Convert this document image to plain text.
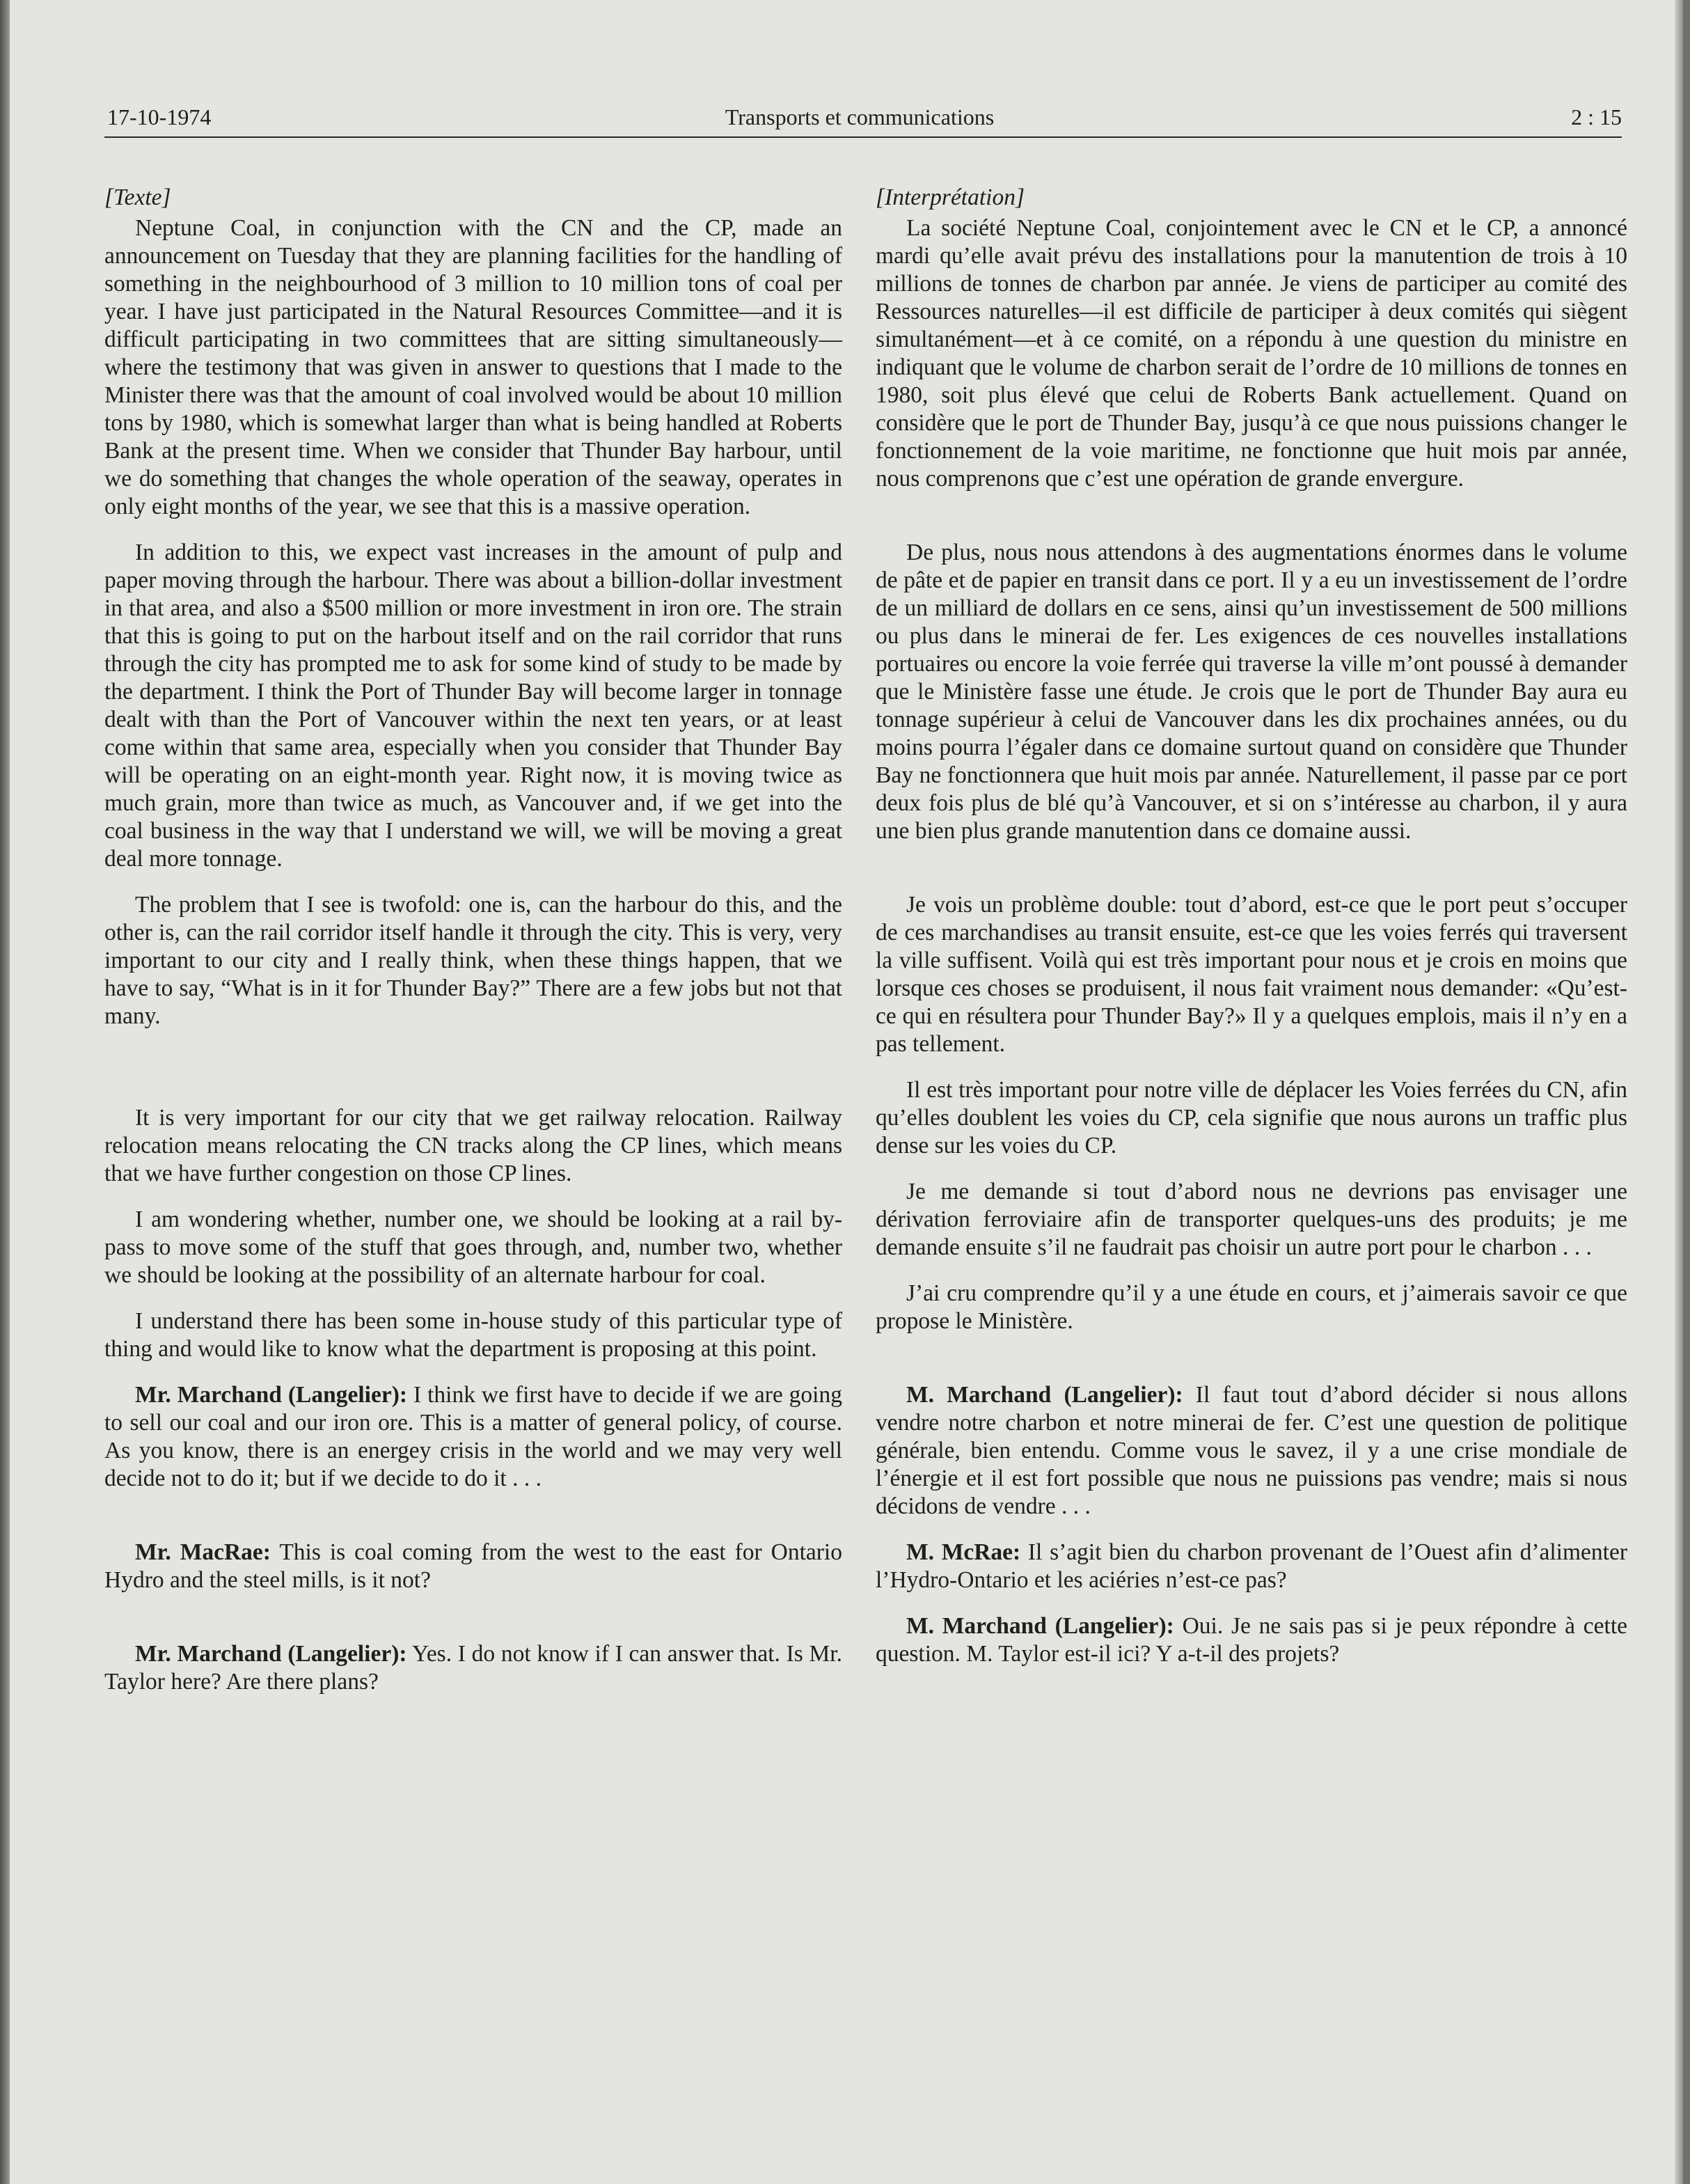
17-10-1974	Transports et communications	2 : 15

[Texte]

Neptune Coal, in conjunction with the CN and the CP, made an announcement on Tuesday that they are planning facilities for the handling of something in the neighbourhood of 3 million to 10 million tons of coal per year. I have just participated in the Natural Resources Committee—and it is difficult participating in two committees that are sitting simultaneously—where the testimony that was given in answer to questions that I made to the Minister there was that the amount of coal involved would be about 10 million tons by 1980, which is somewhat larger than what is being handled at Roberts Bank at the present time. When we consider that Thunder Bay harbour, until we do something that changes the whole operation of the seaway, operates in only eight months of the year, we see that this is a massive operation.

In addition to this, we expect vast increases in the amount of pulp and paper moving through the harbour. There was about a billion-dollar investment in that area, and also a $500 million or more investment in iron ore. The strain that this is going to put on the harbout itself and on the rail corridor that runs through the city has prompted me to ask for some kind of study to be made by the department. I think the Port of Thunder Bay will become larger in tonnage dealt with than the Port of Vancouver within the next ten years, or at least come within that same area, especially when you consider that Thunder Bay will be operating on an eight-month year. Right now, it is moving twice as much grain, more than twice as much, as Vancouver and, if we get into the coal business in the way that I understand we will, we will be moving a great deal more tonnage.

The problem that I see is twofold: one is, can the harbour do this, and the other is, can the rail corridor itself handle it through the city. This is very, very important to our city and I really think, when these things happen, that we have to say, “What is in it for Thunder Bay?” There are a few jobs but not that many.

It is very important for our city that we get railway relocation. Railway relocation means relocating the CN tracks along the CP lines, which means that we have further congestion on those CP lines.

I am wondering whether, number one, we should be looking at a rail by-pass to move some of the stuff that goes through, and, number two, whether we should be looking at the possibility of an alternate harbour for coal.

I understand there has been some in-house study of this particular type of thing and would like to know what the department is proposing at this point.

Mr. Marchand (Langelier): I think we first have to decide if we are going to sell our coal and our iron ore. This is a matter of general policy, of course. As you know, there is an energey crisis in the world and we may very well decide not to do it; but if we decide to do it . . .

Mr. MacRae: This is coal coming from the west to the east for Ontario Hydro and the steel mills, is it not?

Mr. Marchand (Langelier): Yes. I do not know if I can answer that. Is Mr. Taylor here? Are there plans?

[Interprétation]

La société Neptune Coal, conjointement avec le CN et le CP, a annoncé mardi qu’elle avait prévu des installations pour la manutention de trois à 10 millions de tonnes de charbon par année. Je viens de participer au comité des Ressources naturelles—il est difficile de participer à deux comités qui siègent simultanément—et à ce comité, on a répondu à une question du ministre en indiquant que le volume de charbon serait de l’ordre de 10 millions de tonnes en 1980, soit plus élevé que celui de Roberts Bank actuellement. Quand on considère que le port de Thunder Bay, jusqu’à ce que nous puissions changer le fonctionnement de la voie maritime, ne fonctionne que huit mois par année, nous comprenons que c’est une opération de grande envergure.

De plus, nous nous attendons à des augmentations énormes dans le volume de pâte et de papier en transit dans ce port. Il y a eu un investissement de l’ordre de un milliard de dollars en ce sens, ainsi qu’un investissement de 500 millions ou plus dans le minerai de fer. Les exigences de ces nouvelles installations portuaires ou encore la voie ferrée qui traverse la ville m’ont poussé à demander que le Ministère fasse une étude. Je crois que le port de Thunder Bay aura eu tonnage supérieur à celui de Vancouver dans les dix prochaines années, ou du moins pourra l’égaler dans ce domaine surtout quand on considère que Thunder Bay ne fonctionnera que huit mois par année. Naturellement, il passe par ce port deux fois plus de blé qu’à Vancouver, et si on s’intéresse au charbon, il y aura une bien plus grande manutention dans ce domaine aussi.

Je vois un problème double: tout d’abord, est-ce que le port peut s’occuper de ces marchandises au transit ensuite, est-ce que les voies ferrés qui traversent la ville suffisent. Voilà qui est très important pour nous et je crois en moins que lorsque ces choses se produisent, il nous fait vraiment nous demander: «Qu’est-ce qui en résultera pour Thunder Bay?» Il y a quelques emplois, mais il n’y en a pas tellement.

Il est très important pour notre ville de déplacer les Voies ferrées du CN, afin qu’elles doublent les voies du CP, cela signifie que nous aurons un traffic plus dense sur les voies du CP.

Je me demande si tout d’abord nous ne devrions pas envisager une dérivation ferroviaire afin de transporter quelques-uns des produits; je me demande ensuite s’il ne faudrait pas choisir un autre port pour le charbon . . .

J’ai cru comprendre qu’il y a une étude en cours, et j’aimerais savoir ce que propose le Ministère.

M. Marchand (Langelier): Il faut tout d’abord décider si nous allons vendre notre charbon et notre minerai de fer. C’est une question de politique générale, bien entendu. Comme vous le savez, il y a une crise mondiale de l’énergie et il est fort possible que nous ne puissions pas vendre; mais si nous décidons de vendre . . .

M. McRae: Il s’agit bien du charbon provenant de l’Ouest afin d’alimenter l’Hydro-Ontario et les aciéries n’est-ce pas?

M. Marchand (Langelier): Oui. Je ne sais pas si je peux répondre à cette question. M. Taylor est-il ici? Y a-t-il des projets?
